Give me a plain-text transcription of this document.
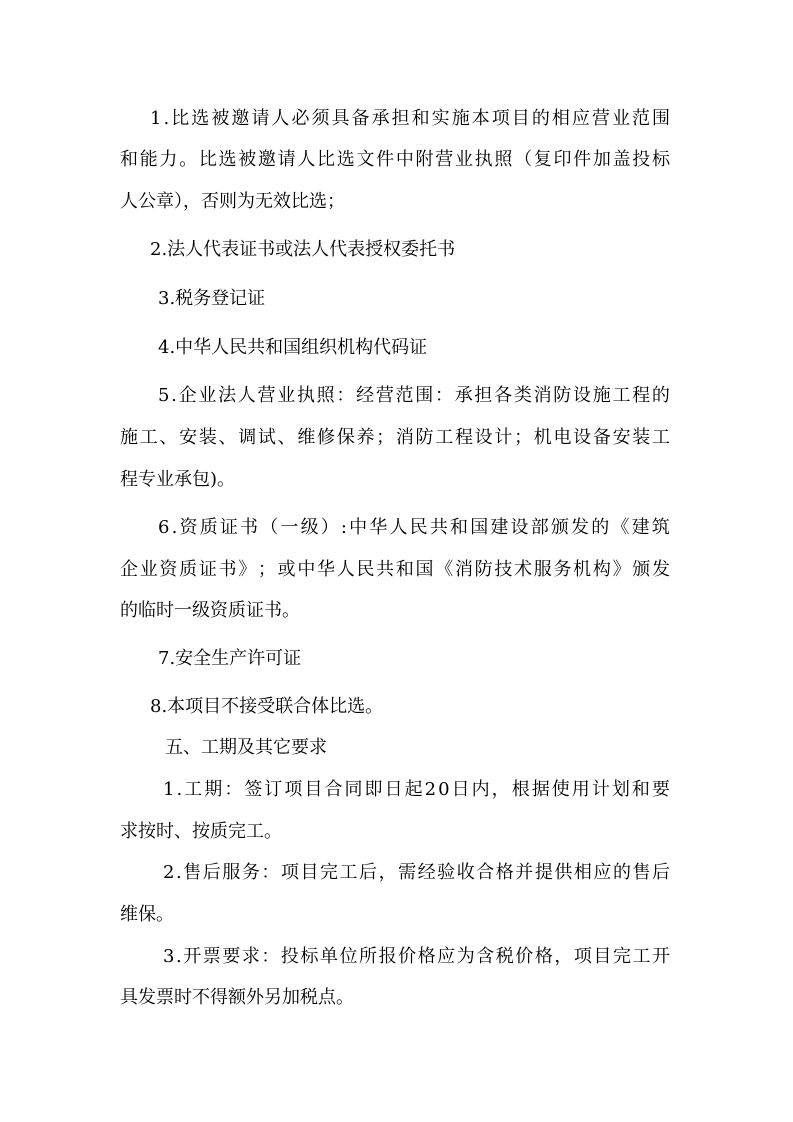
1 . 比 选 被 邀 请 人 必 须 具 备 承 担 和 实 施 本 项 目 的 相 应 营 业 范 围

和 能 力 。 比 选 被 邀 请 人 比 选 文 件 中 附 营 业 执 照 （ 复 印 件 加 盖 投 标

人公章），否则为无效比选；

2.法人代表证书或法人代表授权委托书

3.税务登记证

4.中华人民共和国组织机构代码证

5 . 企 业 法 人 营 业 执 照 ： 经 营 范 围 ： 承 担 各 类 消 防 设 施 工 程 的

施 工 、 安 装 、 调 试 、 维 修 保 养 ； 消 防 工 程 设 计 ； 机 电 设 备 安 装 工

程专业承包)。

6 . 资 质 证 书 （ 一 级 ） : 中 华 人 民 共 和 国 建 设 部 颁 发 的 《 建 筑

企 业 资 质 证 书 》 ； 或 中 华 人 民 共 和 国 《 消 防 技 术 服 务 机 构 》 颁 发

的临时一级资质证书。

7.安全生产许可证

8.本项目不接受联合体比选。

五、工期及其它要求

1 . 工 期 ： 签 订 项 目 合 同 即 日 起 2 0 日 内 ， 根 据 使 用 计 划 和 要

求按时、按质完工。

2 . 售 后 服 务 ： 项 目 完 工 后 ， 需 经 验 收 合 格 并 提 供 相 应 的 售 后

维保。

3 . 开 票 要 求 ： 投 标 单 位 所 报 价 格 应 为 含 税 价 格 ， 项 目 完 工 开

具发票时不得额外另加税点。
